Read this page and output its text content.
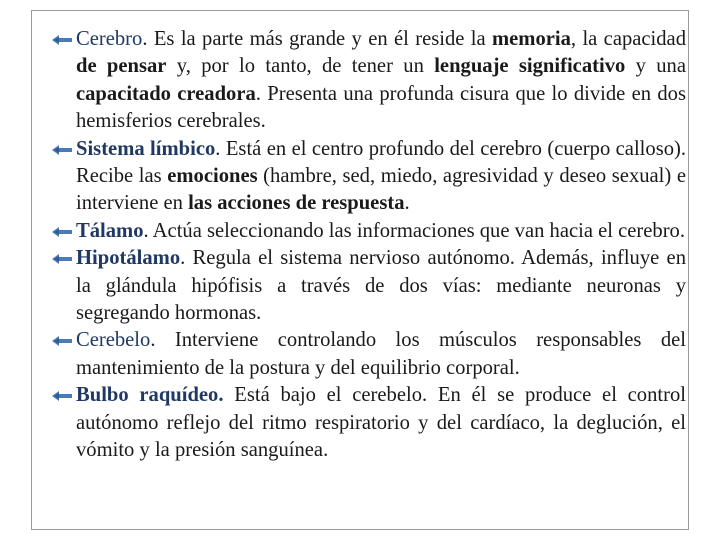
Cerebro. Es la parte más grande y en él reside la memoria, la capacidad de pensar y, por lo tanto, de tener un lenguaje significativo y una capacitado creadora. Presenta una profunda cisura que lo divide en dos hemisferios cerebrales.

Sistema límbico. Está en el centro profundo del cerebro (cuerpo calloso). Recibe las emociones (hambre, sed, miedo, agresividad y deseo sexual) e interviene en las acciones de respuesta.

Tálamo. Actúa seleccionando las informaciones que van hacia el cerebro.

Hipotálamo. Regula el sistema nervioso autónomo. Además, influye en la glándula hipófisis a través de dos vías: mediante neuronas y segregando hormonas.

Cerebelo. Interviene controlando los músculos responsables del mantenimiento de la postura y del equilibrio corporal.

Bulbo raquídeo. Está bajo el cerebelo. En él se produce el control autónomo reflejo del ritmo respiratorio y del cardíaco, la deglución, el vómito y la presión sanguínea.
